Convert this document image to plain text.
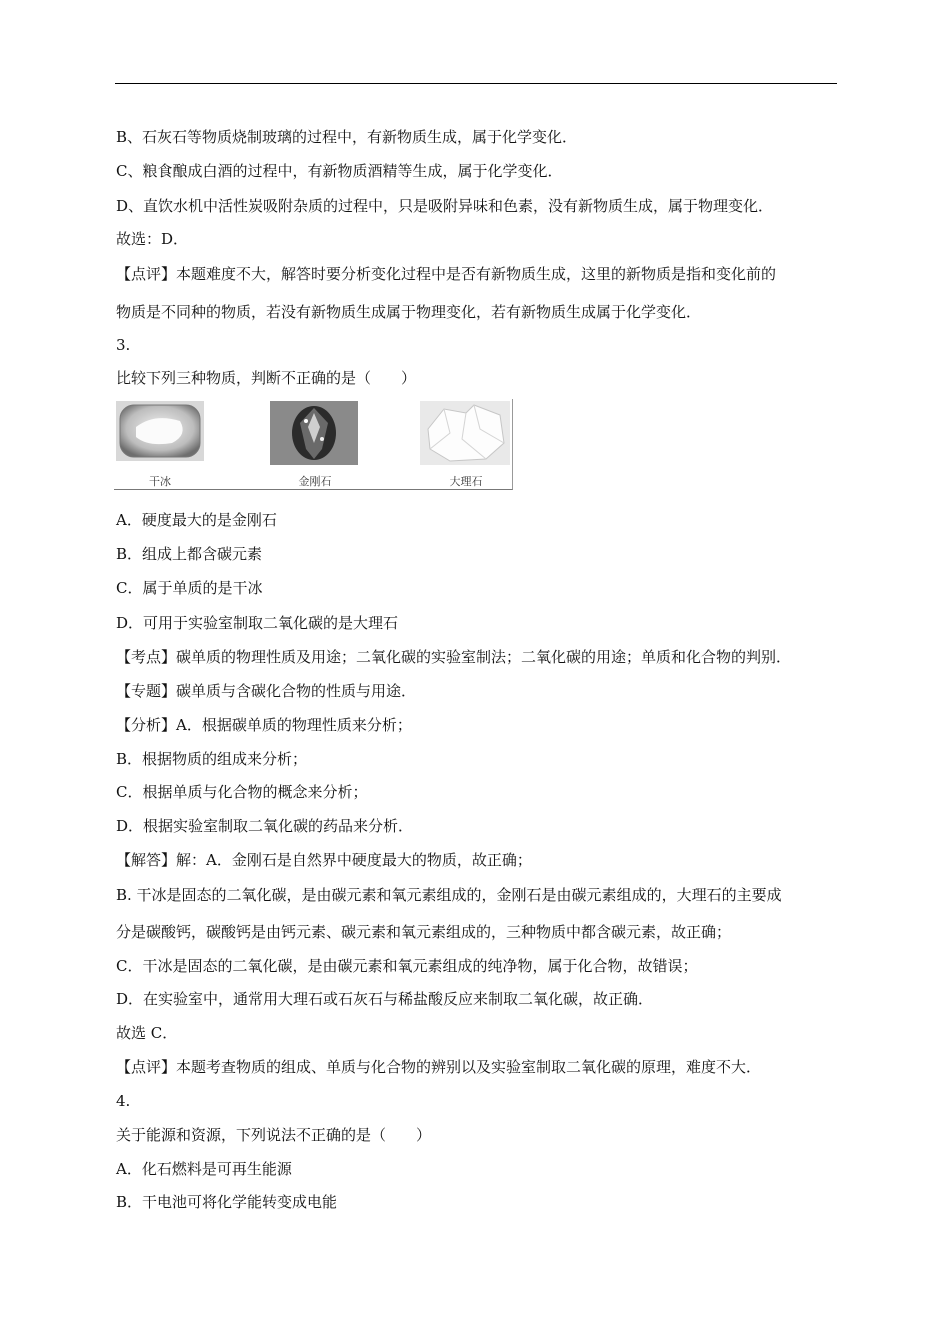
B、石灰石等物质烧制玻璃的过程中，有新物质生成，属于化学变化．
C、粮食酿成白酒的过程中，有新物质酒精等生成，属于化学变化．
D、直饮水机中活性炭吸附杂质的过程中，只是吸附异味和色素，没有新物质生成，属于物理变化．
故选：D．
【点评】本题难度不大，解答时要分析变化过程中是否有新物质生成，这里的新物质是指和变化前的
物质是不同种的物质，若没有新物质生成属于物理变化，若有新物质生成属于化学变化．
3.
比较下列三种物质，判断不正确的是（　　）
干冰	金刚石	大理石
A．硬度最大的是金刚石
B．组成上都含碳元素
C．属于单质的是干冰
D．可用于实验室制取二氧化碳的是大理石
【考点】碳单质的物理性质及用途；二氧化碳的实验室制法；二氧化碳的用途；单质和化合物的判别．
【专题】碳单质与含碳化合物的性质与用途．
【分析】A．根据碳单质的物理性质来分析；
B．根据物质的组成来分析；
C．根据单质与化合物的概念来分析；
D．根据实验室制取二氧化碳的药品来分析．
【解答】解：A．金刚石是自然界中硬度最大的物质，故正确；
B. 干冰是固态的二氧化碳，是由碳元素和氧元素组成的，金刚石是由碳元素组成的，大理石的主要成
分是碳酸钙，碳酸钙是由钙元素、碳元素和氧元素组成的，三种物质中都含碳元素，故正确；
C．干冰是固态的二氧化碳，是由碳元素和氧元素组成的纯净物，属于化合物，故错误；
D．在实验室中，通常用大理石或石灰石与稀盐酸反应来制取二氧化碳，故正确．
故选 C．
【点评】本题考查物质的组成、单质与化合物的辨别以及实验室制取二氧化碳的原理，难度不大．
4.
关于能源和资源，下列说法不正确的是（　　）
A．化石燃料是可再生能源
B．干电池可将化学能转变成电能
